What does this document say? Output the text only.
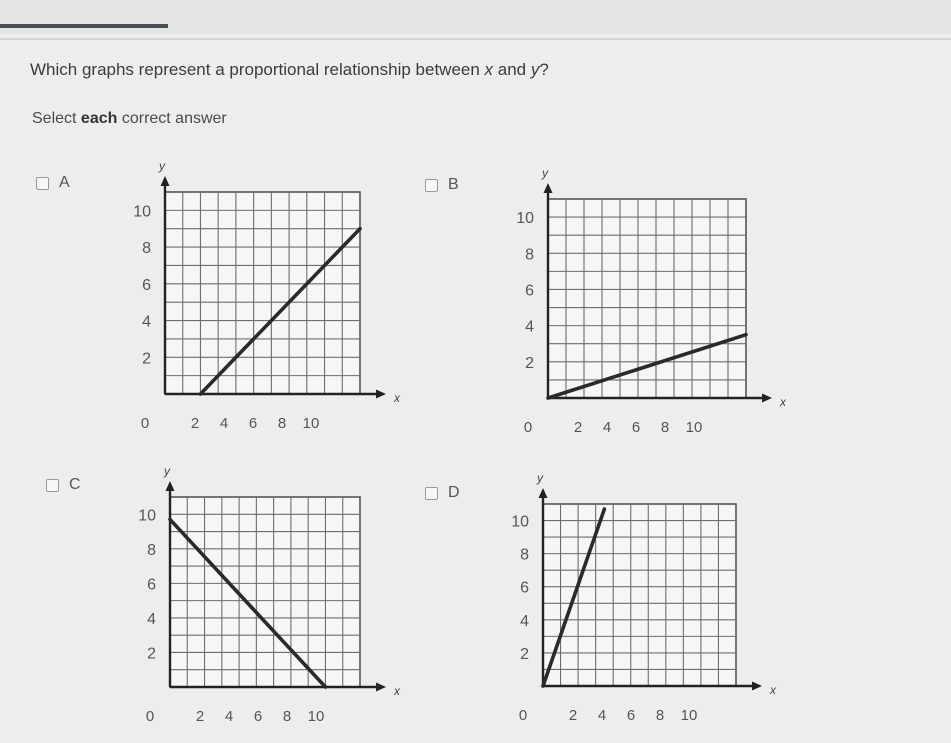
Which graphs represent a proportional relationship between x and y?
Select each correct answer
A	B
C	D
x
y
2
4
6
8
10
0	2 4 6 8 10
x
y
2
4
6
8
10
0	2 4 6 8 10
x
y
2
4
6
8
10
0	2 4 6 8 10
x
y
2
4
6
8
10
0	2 4 6 8 10
